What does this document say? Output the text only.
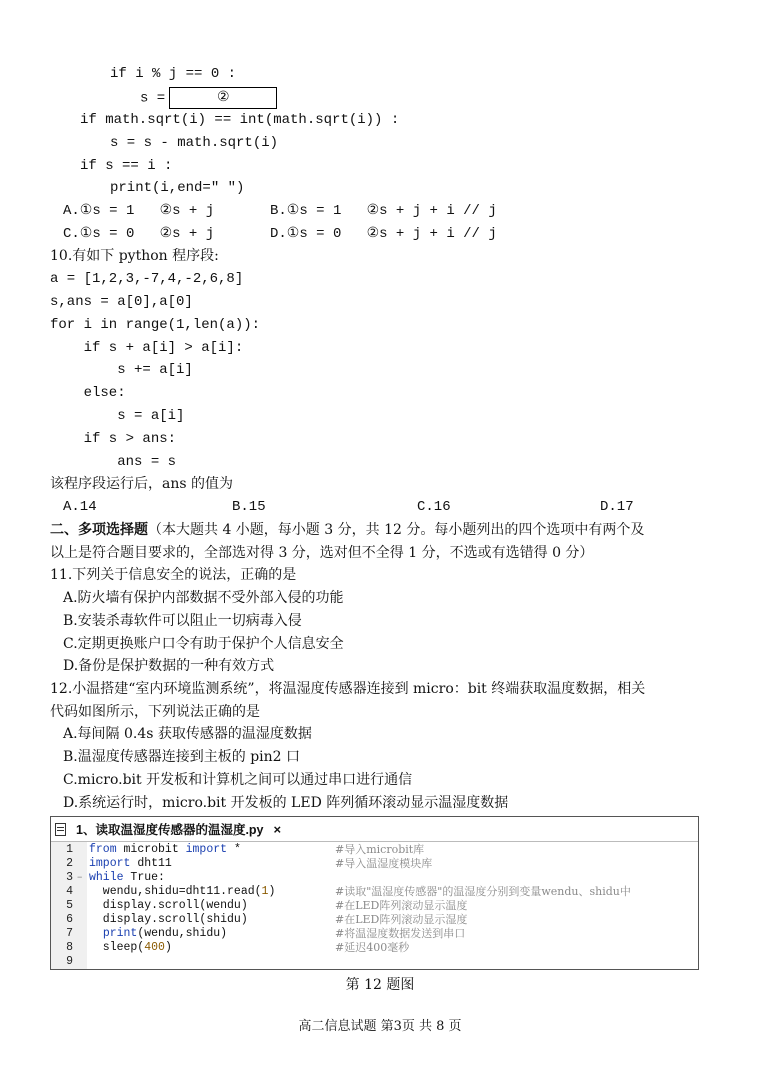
if i % j == 0 :
s =	②
if math.sqrt(i) == int(math.sqrt(i)) :
s = s - math.sqrt(i)
if s == i :
print(i,end=" ")
A.①s = 1   ②s + j	B.①s = 1   ②s + j + i // j
C.①s = 0   ②s + j	D.①s = 0   ②s + j + i // j
10.有如下 python 程序段:
a = [1,2,3,-7,4,-2,6,8]
s,ans = a[0],a[0]
for i in range(1,len(a)):
if s + a[i] > a[i]:
s += a[i]
else:
s = a[i]
if s > ans:
ans = s
该程序段运行后，ans 的值为
A.14	B.15	C.16	D.17
二、多项选择题（本大题共 4 小题，每小题 3 分，共 12 分。每小题列出的四个选项中有两个及
以上是符合题目要求的，全部选对得 3 分，选对但不全得 1 分，不选或有选错得 0 分）
11.下列关于信息安全的说法，正确的是
A.防火墙有保护内部数据不受外部入侵的功能
B.安装杀毒软件可以阻止一切病毒入侵
C.定期更换账户口令有助于保护个人信息安全
D.备份是保护数据的一种有效方式
12.小温搭建“室内环境监测系统”，将温湿度传感器连接到 micro：bit 终端获取温度数据，相关
代码如图所示，下列说法正确的是
A.每间隔 0.4s 获取传感器的温湿度数据
B.温湿度传感器连接到主板的 pin2 口
C.micro.bit 开发板和计算机之间可以通过串口进行通信
D.系统运行时，micro.bit 开发板的 LED 阵列循环滚动显示温湿度数据
1、读取温湿度传感器的温湿度.py ×
1 from microbit import *	#导入microbit库
2 import dht11	#导入温湿度模块库
3 − while True:
4 wendu,shidu=dht11.read(1)	#读取"温湿度传感器"的温湿度分别到变量wendu、shidu中
5 display.scroll(wendu)	#在LED阵列滚动显示温度
6 display.scroll(shidu)	#在LED阵列滚动显示湿度
7	print(wendu,shidu)	#将温湿度数据发送到串口
8 sleep(400)	#延迟400毫秒
9
第 12 题图
高二信息试题 第3页 共 8 页
